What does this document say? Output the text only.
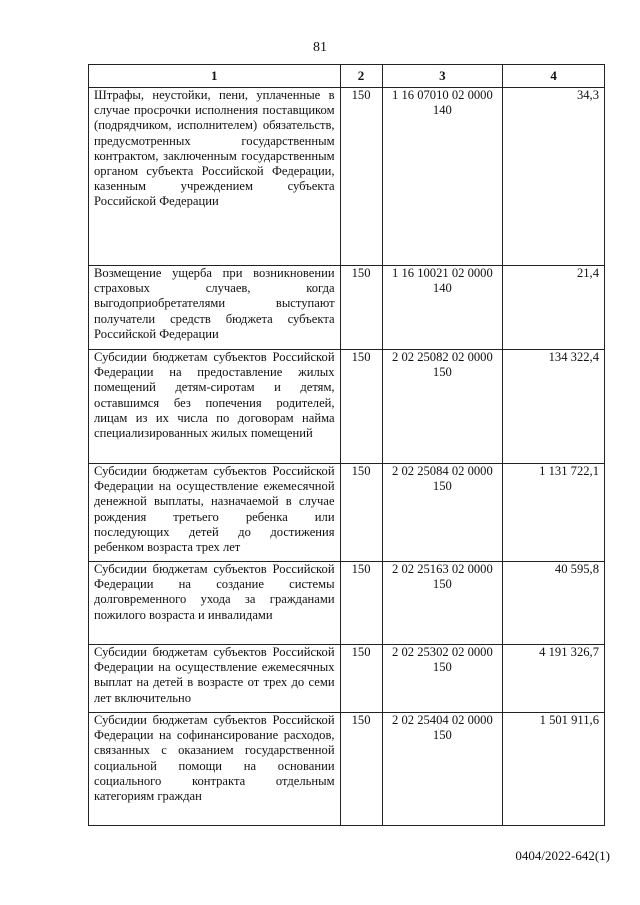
81
1	2	3	4
Штрафы, неустойки, пени, уплаченные в случае просрочки исполнения поставщиком (подрядчиком, исполнителем) обязательств, предусмотренных государственным контрактом, заключенным государственным органом субъекта Российской Федерации, казенным учреждением субъекта Российской Федерации	150	1 16 07010 02 0000 140	34,3
Возмещение ущерба при возникновении страховых случаев, когда выгодоприобретателями выступают получатели средств бюджета субъекта Российской Федерации	150	1 16 10021 02 0000 140	21,4
Субсидии бюджетам субъектов Российской Федерации на предоставление жилых помещений детям-сиротам и детям, оставшимся без попечения родителей, лицам из их числа по договорам найма специализированных жилых помещений	150	2 02 25082 02 0000 150	134 322,4
Субсидии бюджетам субъектов Российской Федерации на осуществление ежемесячной денежной выплаты, назначаемой в случае рождения третьего ребенка или последующих детей до достижения ребенком возраста трех лет	150	2 02 25084 02 0000 150	1 131 722,1
Субсидии бюджетам субъектов Российской Федерации на создание системы долговременного ухода за гражданами пожилого возраста и инвалидами	150	2 02 25163 02 0000 150	40 595,8
Субсидии бюджетам субъектов Российской Федерации на осуществление ежемесячных выплат на детей в возрасте от трех до семи лет включительно	150	2 02 25302 02 0000 150	4 191 326,7
Субсидии бюджетам субъектов Российской Федерации на софинансирование расходов, связанных с оказанием государственной социальной помощи на основании социального контракта отдельным категориям граждан	150	2 02 25404 02 0000 150	1 501 911,6
0404/2022-642(1)
